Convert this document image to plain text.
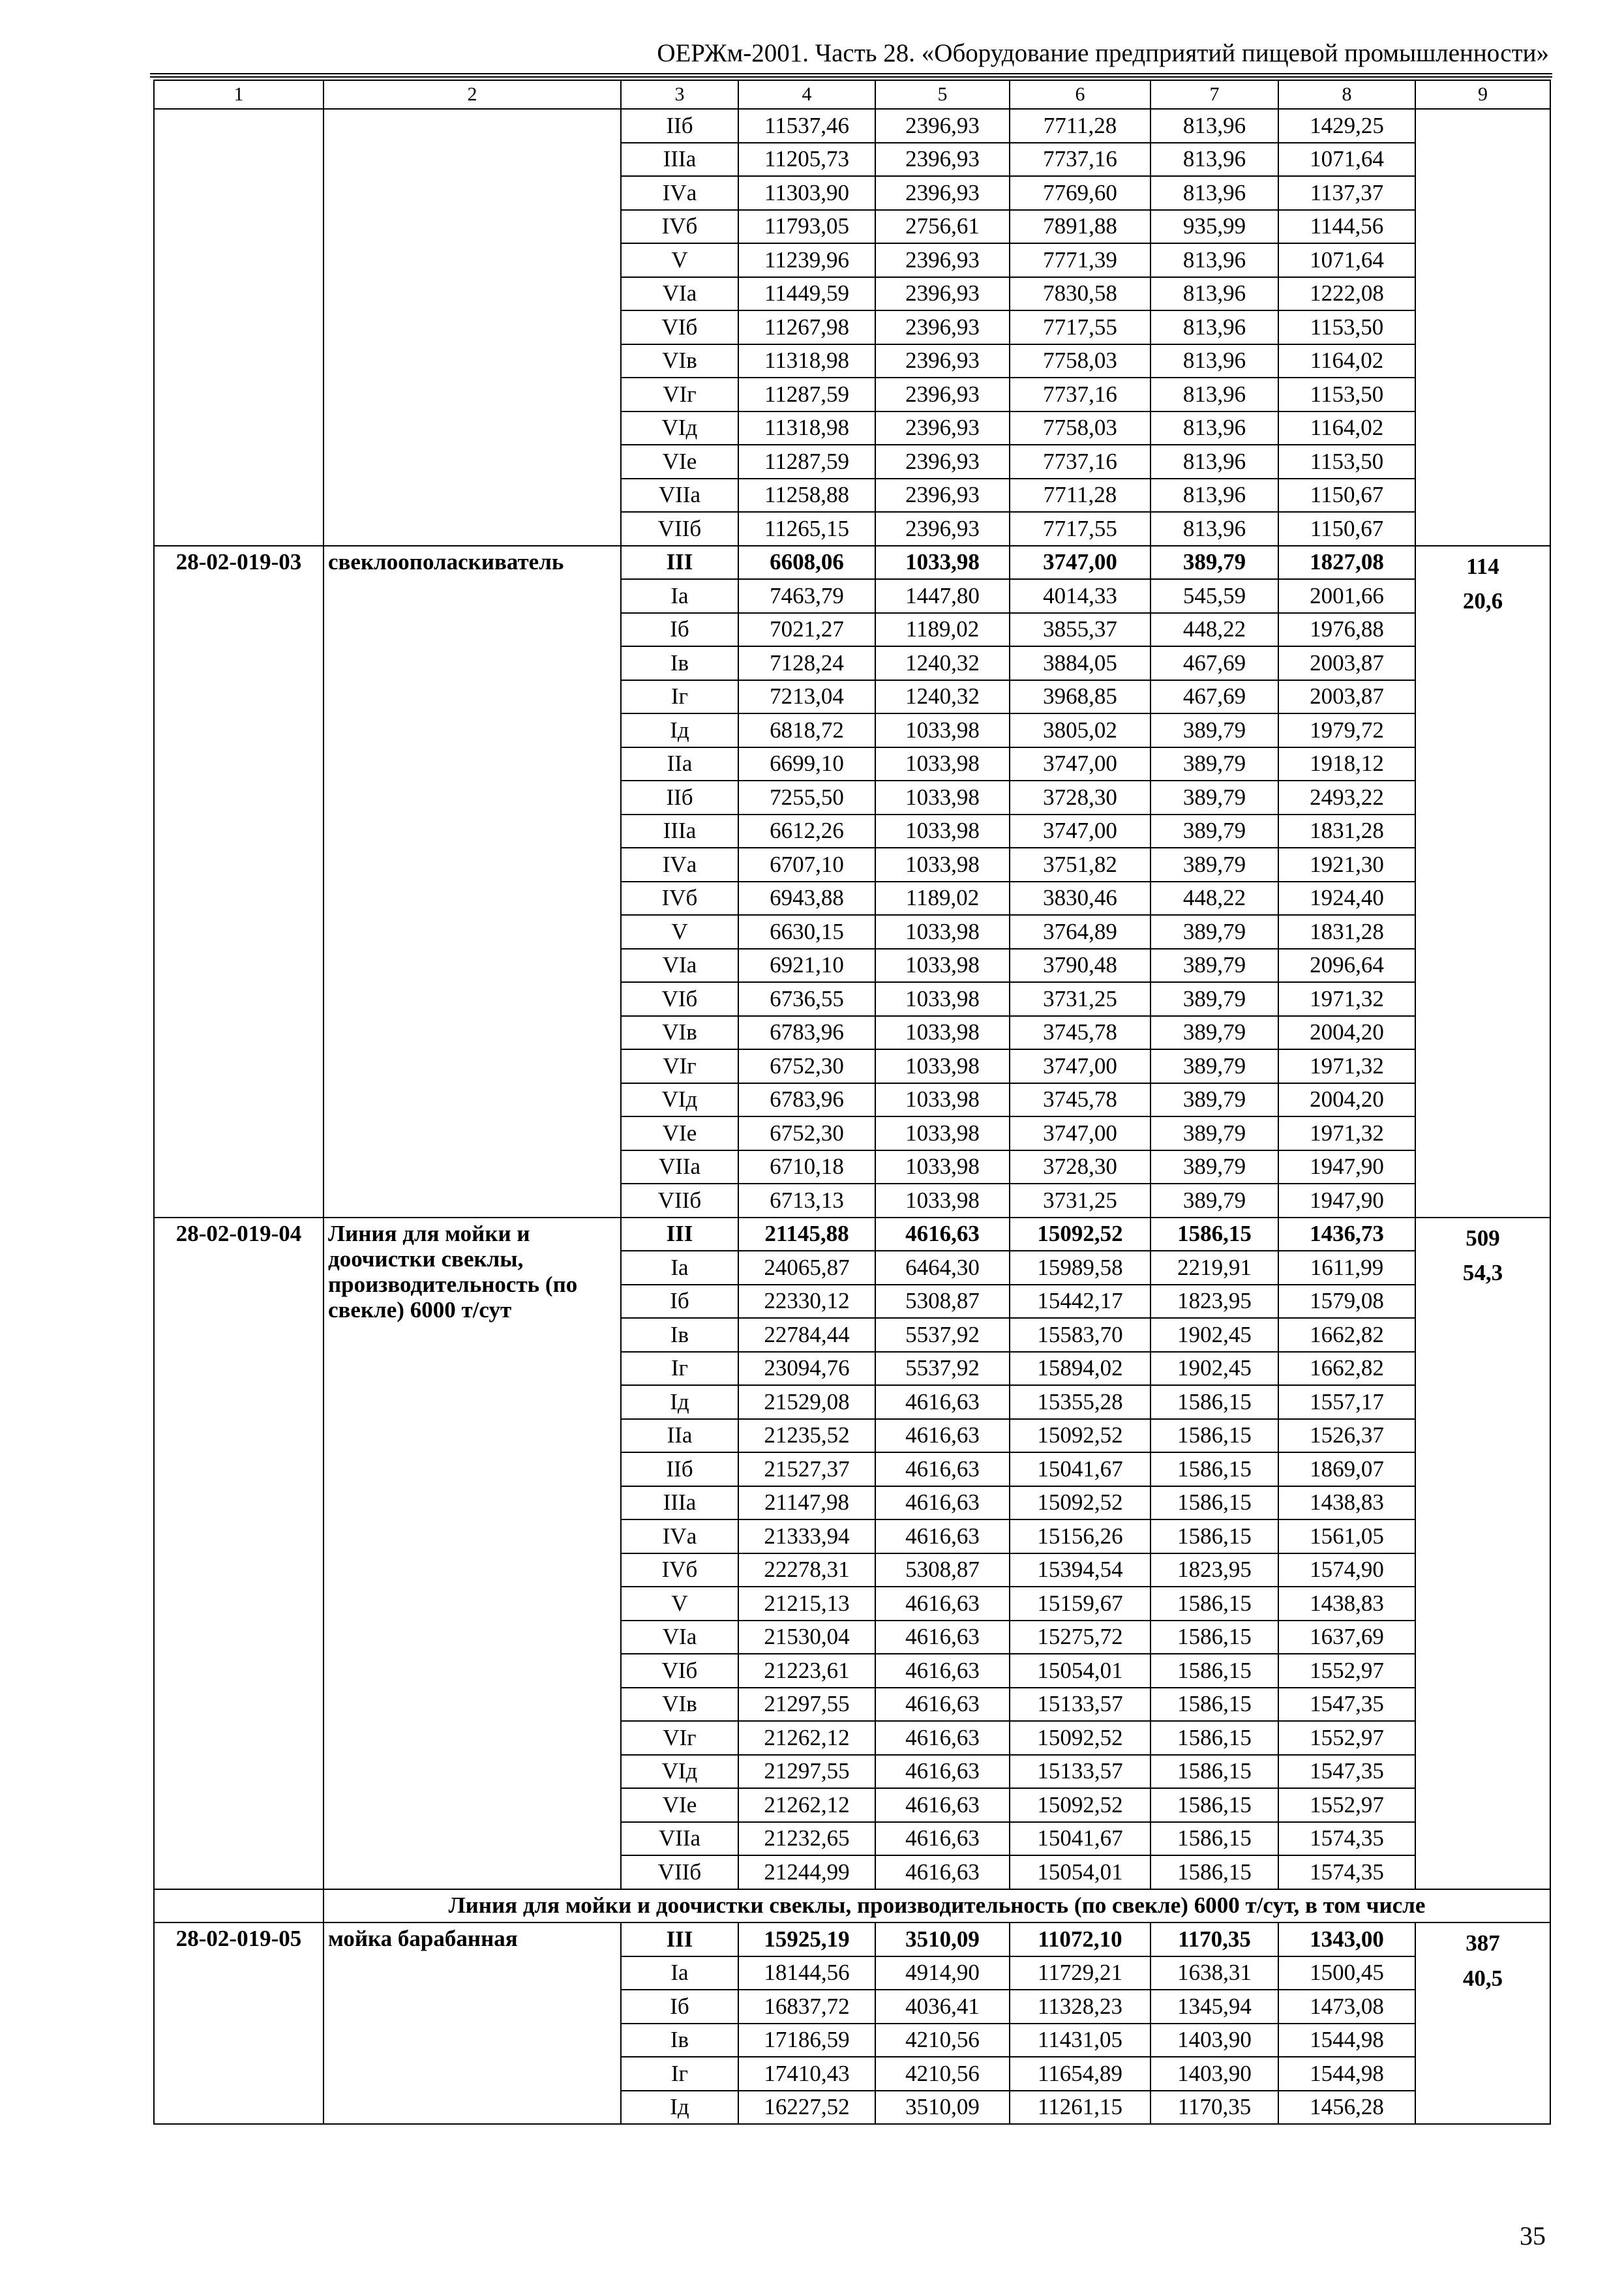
ОЕРЖм-2001. Часть 28. «Оборудование предприятий пищевой промышленности»
1	2	3	4	5	6	7	8	9
		IIб	11537,46	2396,93	7711,28	813,96	1429,25	
		IIIа	11205,73	2396,93	7737,16	813,96	1071,64	
		IVа	11303,90	2396,93	7769,60	813,96	1137,37	
		IVб	11793,05	2756,61	7891,88	935,99	1144,56	
		V	11239,96	2396,93	7771,39	813,96	1071,64	
		VIа	11449,59	2396,93	7830,58	813,96	1222,08	
		VIб	11267,98	2396,93	7717,55	813,96	1153,50	
		VIв	11318,98	2396,93	7758,03	813,96	1164,02	
		VIг	11287,59	2396,93	7737,16	813,96	1153,50	
		VIд	11318,98	2396,93	7758,03	813,96	1164,02	
		VIе	11287,59	2396,93	7737,16	813,96	1153,50	
		VIIа	11258,88	2396,93	7711,28	813,96	1150,67	
		VIIб	11265,15	2396,93	7717,55	813,96	1150,67	
28-02-019-03	свеклоополаскиватель	III	6608,06	1033,98	3747,00	389,79	1827,08	114
20,6

		Iа	7463,79	1447,80	4014,33	545,59	2001,66	
		Iб	7021,27	1189,02	3855,37	448,22	1976,88	
		Iв	7128,24	1240,32	3884,05	467,69	2003,87	
		Iг	7213,04	1240,32	3968,85	467,69	2003,87	
		Iд	6818,72	1033,98	3805,02	389,79	1979,72	
		IIа	6699,10	1033,98	3747,00	389,79	1918,12	
		IIб	7255,50	1033,98	3728,30	389,79	2493,22	
		IIIа	6612,26	1033,98	3747,00	389,79	1831,28	
		IVа	6707,10	1033,98	3751,82	389,79	1921,30	
		IVб	6943,88	1189,02	3830,46	448,22	1924,40	
		V	6630,15	1033,98	3764,89	389,79	1831,28	
		VIа	6921,10	1033,98	3790,48	389,79	2096,64	
		VIб	6736,55	1033,98	3731,25	389,79	1971,32	
		VIв	6783,96	1033,98	3745,78	389,79	2004,20	
		VIг	6752,30	1033,98	3747,00	389,79	1971,32	
		VIд	6783,96	1033,98	3745,78	389,79	2004,20	
		VIе	6752,30	1033,98	3747,00	389,79	1971,32	
		VIIа	6710,18	1033,98	3728,30	389,79	1947,90	
		VIIб	6713,13	1033,98	3731,25	389,79	1947,90	
28-02-019-04	Линия для мойки и доочистки свеклы, производительность (по свекле) 6000 т/сут	III	21145,88	4616,63	15092,52	1586,15	1436,73	509
54,3

		Iа	24065,87	6464,30	15989,58	2219,91	1611,99	
		Iб	22330,12	5308,87	15442,17	1823,95	1579,08	
		Iв	22784,44	5537,92	15583,70	1902,45	1662,82	
		Iг	23094,76	5537,92	15894,02	1902,45	1662,82	
		Iд	21529,08	4616,63	15355,28	1586,15	1557,17	
		IIа	21235,52	4616,63	15092,52	1586,15	1526,37	
		IIб	21527,37	4616,63	15041,67	1586,15	1869,07	
		IIIа	21147,98	4616,63	15092,52	1586,15	1438,83	
		IVа	21333,94	4616,63	15156,26	1586,15	1561,05	
		IVб	22278,31	5308,87	15394,54	1823,95	1574,90	
		V	21215,13	4616,63	15159,67	1586,15	1438,83	
		VIа	21530,04	4616,63	15275,72	1586,15	1637,69	
		VIб	21223,61	4616,63	15054,01	1586,15	1552,97	
		VIв	21297,55	4616,63	15133,57	1586,15	1547,35	
		VIг	21262,12	4616,63	15092,52	1586,15	1552,97	
		VIд	21297,55	4616,63	15133,57	1586,15	1547,35	
		VIе	21262,12	4616,63	15092,52	1586,15	1552,97	
		VIIа	21232,65	4616,63	15041,67	1586,15	1574,35	
		VIIб	21244,99	4616,63	15054,01	1586,15	1574,35	
	Линия для мойки и доочистки свеклы, производительность (по свекле) 6000 т/сут, в том числе							
28-02-019-05	мойка барабанная	III	15925,19	3510,09	11072,10	1170,35	1343,00	387
40,5

		Iа	18144,56	4914,90	11729,21	1638,31	1500,45	
		Iб	16837,72	4036,41	11328,23	1345,94	1473,08	
		Iв	17186,59	4210,56	11431,05	1403,90	1544,98	
		Iг	17410,43	4210,56	11654,89	1403,90	1544,98	
		Iд	16227,52	3510,09	11261,15	1170,35	1456,28	
35
